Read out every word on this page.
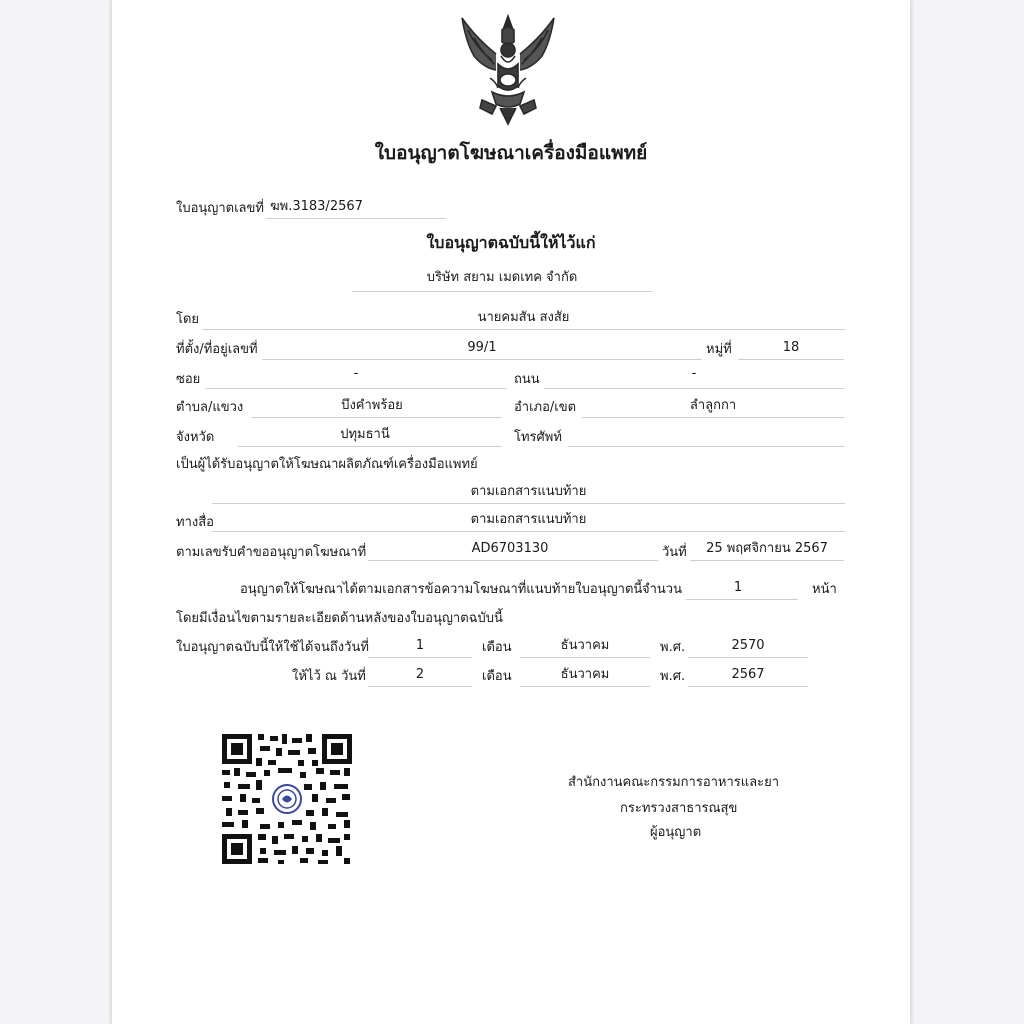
ใบอนุญาตโฆษณาเครื่องมือแพทย์
ใบอนุญาตเลขที่ ฆพ.3183/2567
ใบอนุญาตฉบับนี้ให้ไว้แก่
บริษัท สยาม เมดเทค จำกัด
โดย	นายคมสัน สงสัย
ที่ตั้ง/ที่อยู่เลขที่	99/1	หมู่ที่	18
ซอย	-	ถนน	-
ตำบล/แขวง	บึงคำพร้อย	อำเภอ/เขต	ลำลูกกา
จังหวัด	ปทุมธานี	โทรศัพท์
เป็นผู้ได้รับอนุญาตให้โฆษณาผลิตภัณฑ์เครื่องมือแพทย์
ตามเอกสารแนบท้าย
ทางสื่อ	ตามเอกสารแนบท้าย
ตามเลขรับคำขออนุญาตโฆษณาที่	AD6703130	วันที่	25 พฤศจิกายน 2567
อนุญาตให้โฆษณาได้ตามเอกสารข้อความโฆษณาที่แนบท้ายใบอนุญาตนี้ จำนวน	1	หน้า
โดยมีเงื่อนไขตามรายละเอียดด้านหลังของใบอนุญาตฉบับนี้
ใบอนุญาตฉบับนี้ให้ใช้ได้จนถึงวันที่	1	เดือน	ธันวาคม	พ.ศ.	2570
ให้ไว้ ณ วันที่	2	เดือน	ธันวาคม	พ.ศ.	2567
สำนักงานคณะกรรมการอาหารและยา
กระทรวงสาธารณสุข
ผู้อนุญาต
